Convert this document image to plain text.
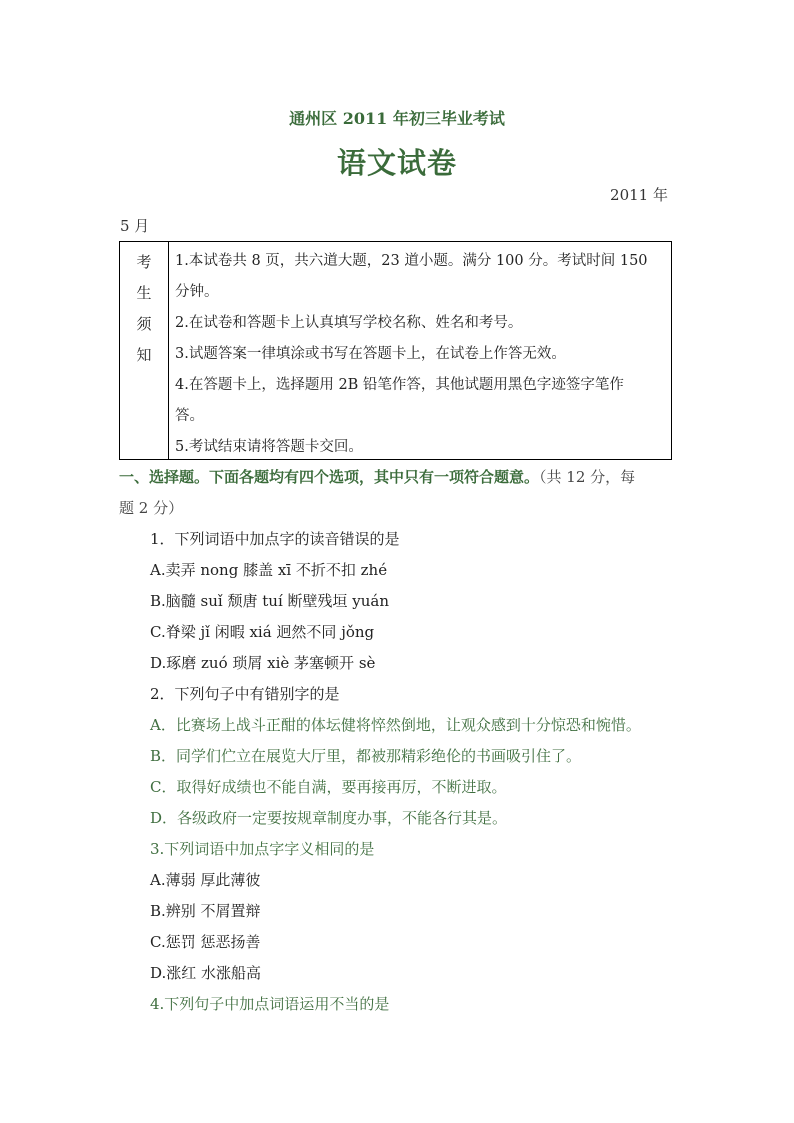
通州区 2011 年初三毕业考试
语文试卷
2011 年
5 月
考
生
须
知

1.本试卷共 8 页，共六道大题，23 道小题。满分 100 分。考试时间 150

分钟。

2.在试卷和答题卡上认真填写学校名称、姓名和考号。

3.试题答案一律填涂或书写在答题卡上，在试卷上作答无效。

4.在答题卡上，选择题用 2B 铅笔作答，其他试题用黑色字迹签字笔作

答。

5.考试结束请将答题卡交回。

一、选择题。下面各题均有四个选项，其中只有一项符合题意。（共 12 分，每
题 2 分）

1．下列词语中加点字的读音错误的是

A.卖弄 nong 膝盖 xī 不折不扣 zhé

B.脑髓 suǐ 颓唐 tuí 断壁残垣 yuán

C.脊梁 jǐ 闲暇 xiá 迥然不同 jǒng

D.琢磨 zuó 琐屑 xiè 茅塞顿开 sè

2．下列句子中有错别字的是

A．比赛场上战斗正酣的体坛健将悴然倒地，让观众感到十分惊恐和惋惜。

B．同学们伫立在展览大厅里，都被那精彩绝伦的书画吸引住了。

C．取得好成绩也不能自满，要再接再厉，不断进取。

D．各级政府一定要按规章制度办事，不能各行其是。

3.下列词语中加点字字义相同的是

A.薄弱 厚此薄彼

B.辨别 不屑置辩

C.惩罚 惩恶扬善

D.涨红 水涨船高

4.下列句子中加点词语运用不当的是
